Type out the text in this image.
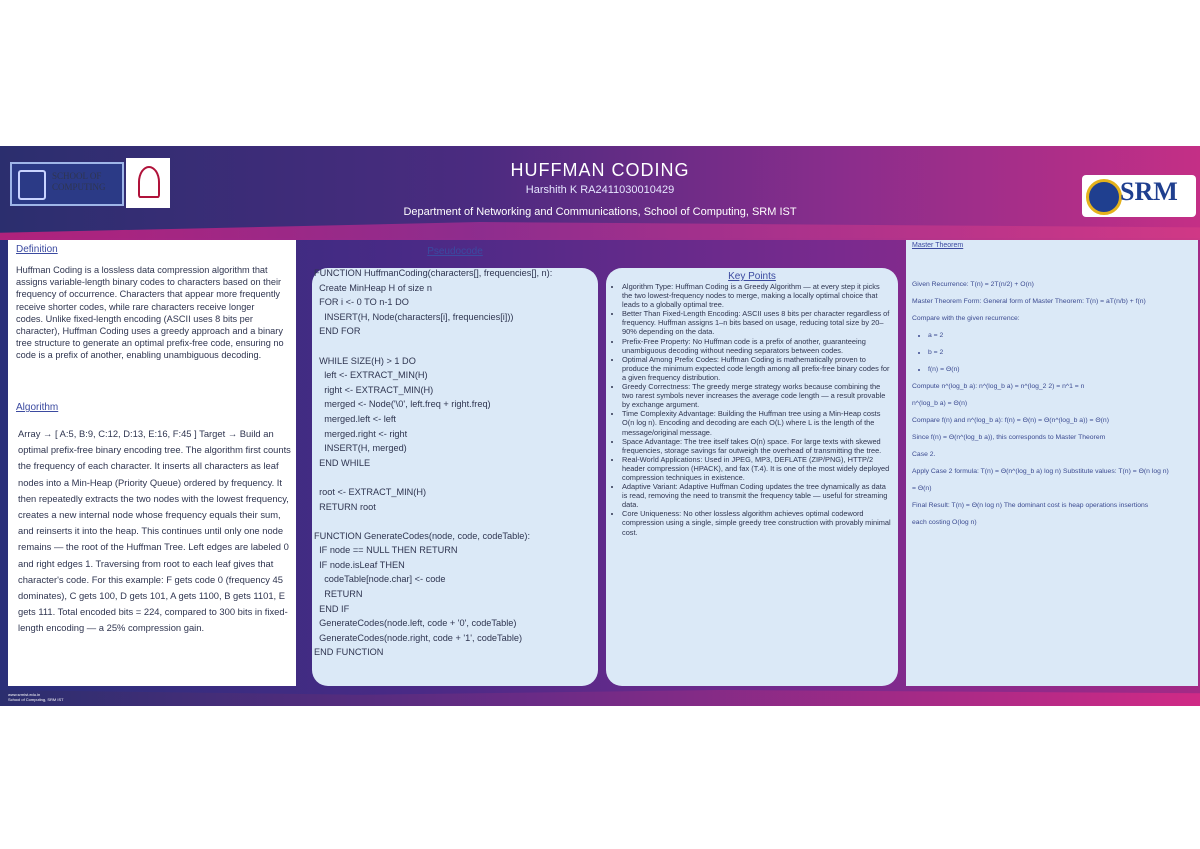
SCHOOL OF COMPUTING	SRM
HUFFMAN CODING
Harshith K RA2411030010429
Department of Networking and Communications, School of Computing, SRM IST
Definition
Huffman Coding is a lossless data compression algorithm that assigns variable-length binary codes to characters based on their frequency of occurrence. Characters that appear more frequently receive shorter codes, while rare characters receive longer codes. Unlike fixed-length encoding (ASCII uses 8 bits per character), Huffman Coding uses a greedy approach and a binary tree structure to generate an optimal prefix-free code, ensuring no code is a prefix of another, enabling unambiguous decoding.
Algorithm
Array → [ A:5, B:9, C:12, D:13, E:16, F:45 ] Target → Build an optimal prefix-free binary encoding tree. The algorithm first counts the frequency of each character. It inserts all characters as leaf nodes into a Min-Heap (Priority Queue) ordered by frequency. It then repeatedly extracts the two nodes with the lowest frequency, creates a new internal node whose frequency equals their sum, and reinserts it into the heap. This continues until only one node remains — the root of the Huffman Tree. Left edges are labeled 0 and right edges 1. Traversing from root to each leaf gives that character's code. For this example: F gets code 0 (frequency 45 dominates), C gets 100, D gets 101, A gets 1100, B gets 1101, E gets 111. Total encoded bits = 224, compared to 300 bits in fixed-length encoding — a 25% compression gain.
Pseudocode
FUNCTION HuffmanCoding(characters[], frequencies[], n):
Create MinHeap H of size n
FOR i <- 0 TO n-1 DO
INSERT(H, Node(characters[i], frequencies[i]))
END FOR

WHILE SIZE(H) > 1 DO
left <- EXTRACT_MIN(H)
right <- EXTRACT_MIN(H)
merged <- Node('\0', left.freq + right.freq)
merged.left <- left
merged.right <- right
INSERT(H, merged)
END WHILE

root <- EXTRACT_MIN(H)
RETURN root

FUNCTION GenerateCodes(node, code, codeTable):
IF node == NULL THEN RETURN
IF node.isLeaf THEN
codeTable[node.char] <- code
RETURN
END IF
GenerateCodes(node.left, code + '0', codeTable)
GenerateCodes(node.right, code + '1', codeTable)
END FUNCTION
Key Points
• Algorithm Type: Huffman Coding is a Greedy Algorithm — at every step it picks the two lowest-frequency nodes to merge, making a locally optimal choice that leads to a globally optimal tree.
• Better Than Fixed-Length Encoding: ASCII uses 8 bits per character regardless of frequency. Huffman assigns 1–n bits based on usage, reducing total size by 20–90% depending on the data.
• Prefix-Free Property: No Huffman code is a prefix of another, guaranteeing unambiguous decoding without needing separators between codes.
• Optimal Among Prefix Codes: Huffman Coding is mathematically proven to produce the minimum expected code length among all prefix-free binary codes for a given frequency distribution.
• Greedy Correctness: The greedy merge strategy works because combining the two rarest symbols never increases the average code length — a result provable by exchange argument.
• Time Complexity Advantage: Building the Huffman tree using a Min-Heap costs O(n log n). Encoding and decoding are each O(L) where L is the length of the message/original message.
• Space Advantage: The tree itself takes O(n) space. For large texts with skewed frequencies, storage savings far outweigh the overhead of transmitting the tree.
• Real-World Applications: Used in JPEG, MP3, DEFLATE (ZIP/PNG), HTTP/2 header compression (HPACK), and fax (T.4). It is one of the most widely deployed compression techniques in existence.
• Adaptive Variant: Adaptive Huffman Coding updates the tree dynamically as data is read, removing the need to transmit the frequency table — useful for streaming data.
• Core Uniqueness: No other lossless algorithm achieves optimal codeword compression using a single, simple greedy tree construction with provably minimal cost.
Master Theorem
Given Recurrence: T(n) = 2T(n/2) + O(n)
Master Theorem Form: General form of Master Theorem: T(n) = aT(n/b) + f(n)
Compare with the given recurrence:
• a = 2
• b = 2
• f(n) = Θ(n)
Compute n^(log_b a): n^(log_b a) = n^(log_2 2) = n^1 = n
n^(log_b a) = Θ(n)
Compare f(n) and n^(log_b a): f(n) = Θ(n) = Θ(n^(log_b a)) = Θ(n)
Since f(n) = Θ(n^(log_b a)), this corresponds to Master Theorem
Case 2.
Apply Case 2 formula: T(n) = Θ(n^(log_b a) log n) Substitute values: T(n) = Θ(n log n)
= Θ(n)
Final Result: T(n) = Θ(n log n) The dominant cost is heap operations insertions
each costing O(log n)
www.srmist.edu.in
School of Computing, SRM IST
